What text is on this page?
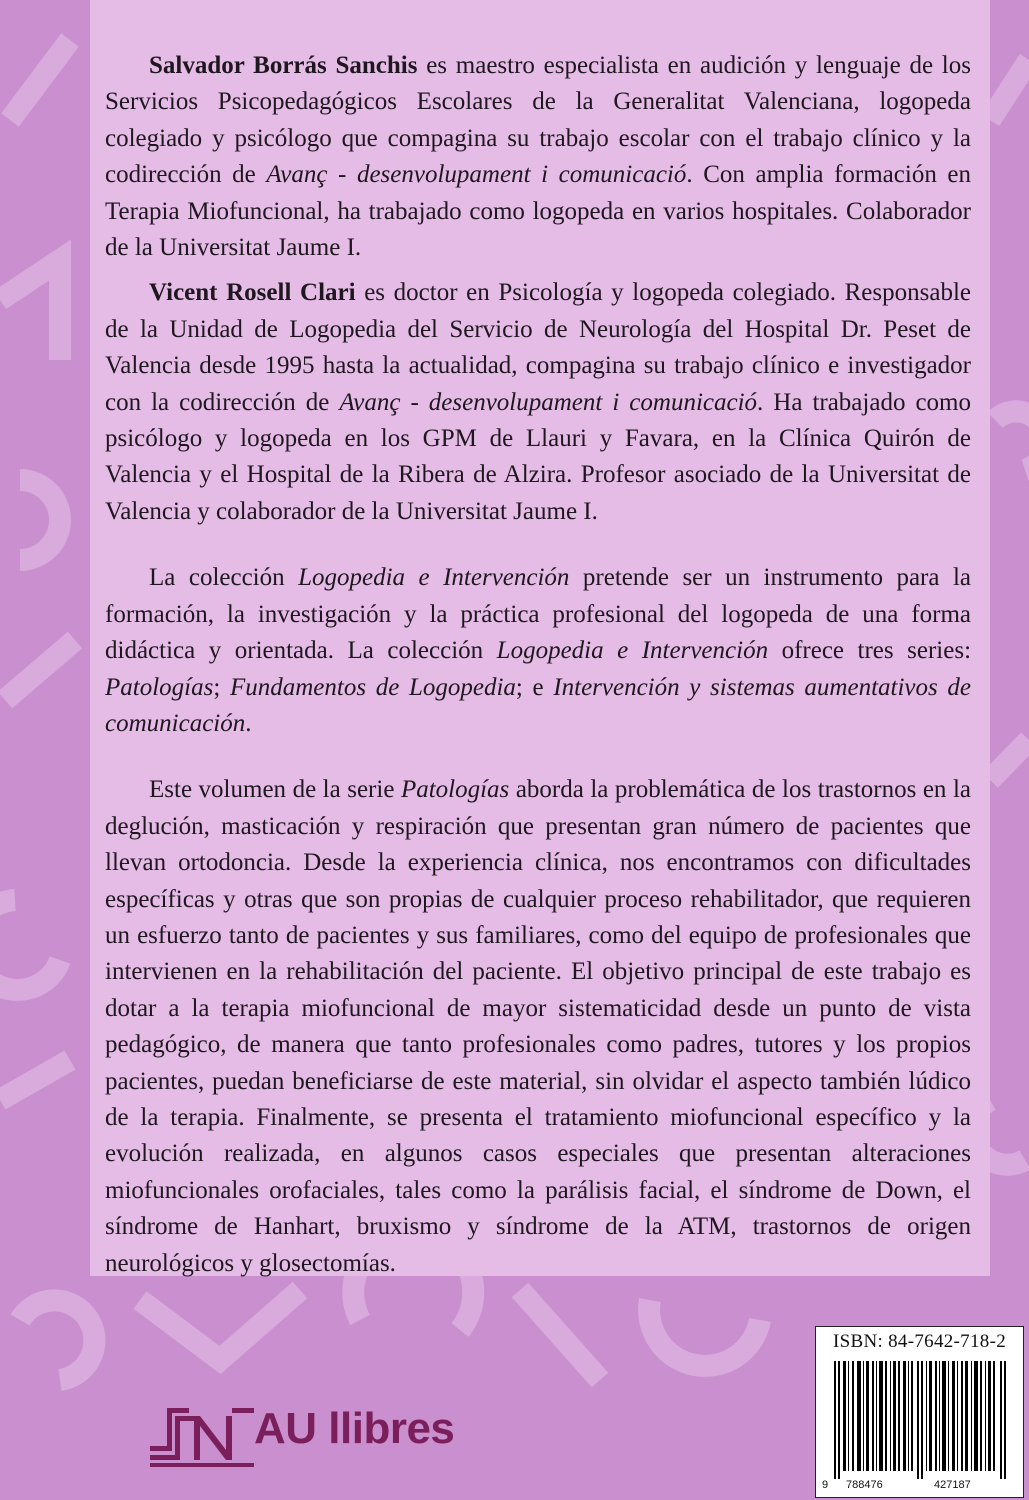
Salvador Borrás Sanchis es maestro especialista en audición y lenguaje de los Servicios Psicopedagógicos Escolares de la Generalitat Valenciana, logopeda colegiado y psicólogo que compagina su trabajo escolar con el trabajo clínico y la codirección de Avanç - desenvolupament i comunicació. Con amplia formación en Terapia Miofuncional, ha trabajado como logopeda en varios hospitales. Colaborador de la Universitat Jaume I.

Vicent Rosell Clari es doctor en Psicología y logopeda colegiado. Responsable de la Unidad de Logopedia del Servicio de Neurología del Hospital Dr. Peset de Valencia desde 1995 hasta la actualidad, compagina su trabajo clínico e investigador con la codirección de Avanç - desenvolupament i comunicació. Ha trabajado como psicólogo y logopeda en los GPM de Llauri y Favara, en la Clínica Quirón de Valencia y el Hospital de la Ribera de Alzira. Profesor asociado de la Universitat de Valencia y colaborador de la Universitat Jaume I.

La colección Logopedia e Intervención pretende ser un instrumento para la formación, la investigación y la práctica profesional del logopeda de una forma didáctica y orientada. La colección Logopedia e Intervención ofrece tres series: Patologías; Fundamentos de Logopedia; e Intervención y sistemas aumentativos de comunicación.

Este volumen de la serie Patologías aborda la problemática de los trastornos en la deglución, masticación y respiración que presentan gran número de pacientes que llevan ortodoncia. Desde la experiencia clínica, nos encontramos con dificultades específicas y otras que son propias de cualquier proceso rehabilitador, que requieren un esfuerzo tanto de pacientes y sus familiares, como del equipo de profesionales que intervienen en la rehabilitación del paciente. El objetivo principal de este trabajo es dotar a la terapia miofuncional de mayor sistematicidad desde un punto de vista pedagógico, de manera que tanto profesionales como padres, tutores y los propios pacientes, puedan beneficiarse de este material, sin olvidar el aspecto también lúdico de la terapia. Finalmente, se presenta el tratamiento miofuncional específico y la evolución realizada, en algunos casos especiales que presentan alteraciones miofuncionales orofaciales, tales como la parálisis facial, el síndrome de Down, el síndrome de Hanhart, bruxismo y síndrome de la ATM, trastornos de origen neurológicos y glosectomías.

AU llibres
ISBN: 84-7642-718-2
9 788476	427187
